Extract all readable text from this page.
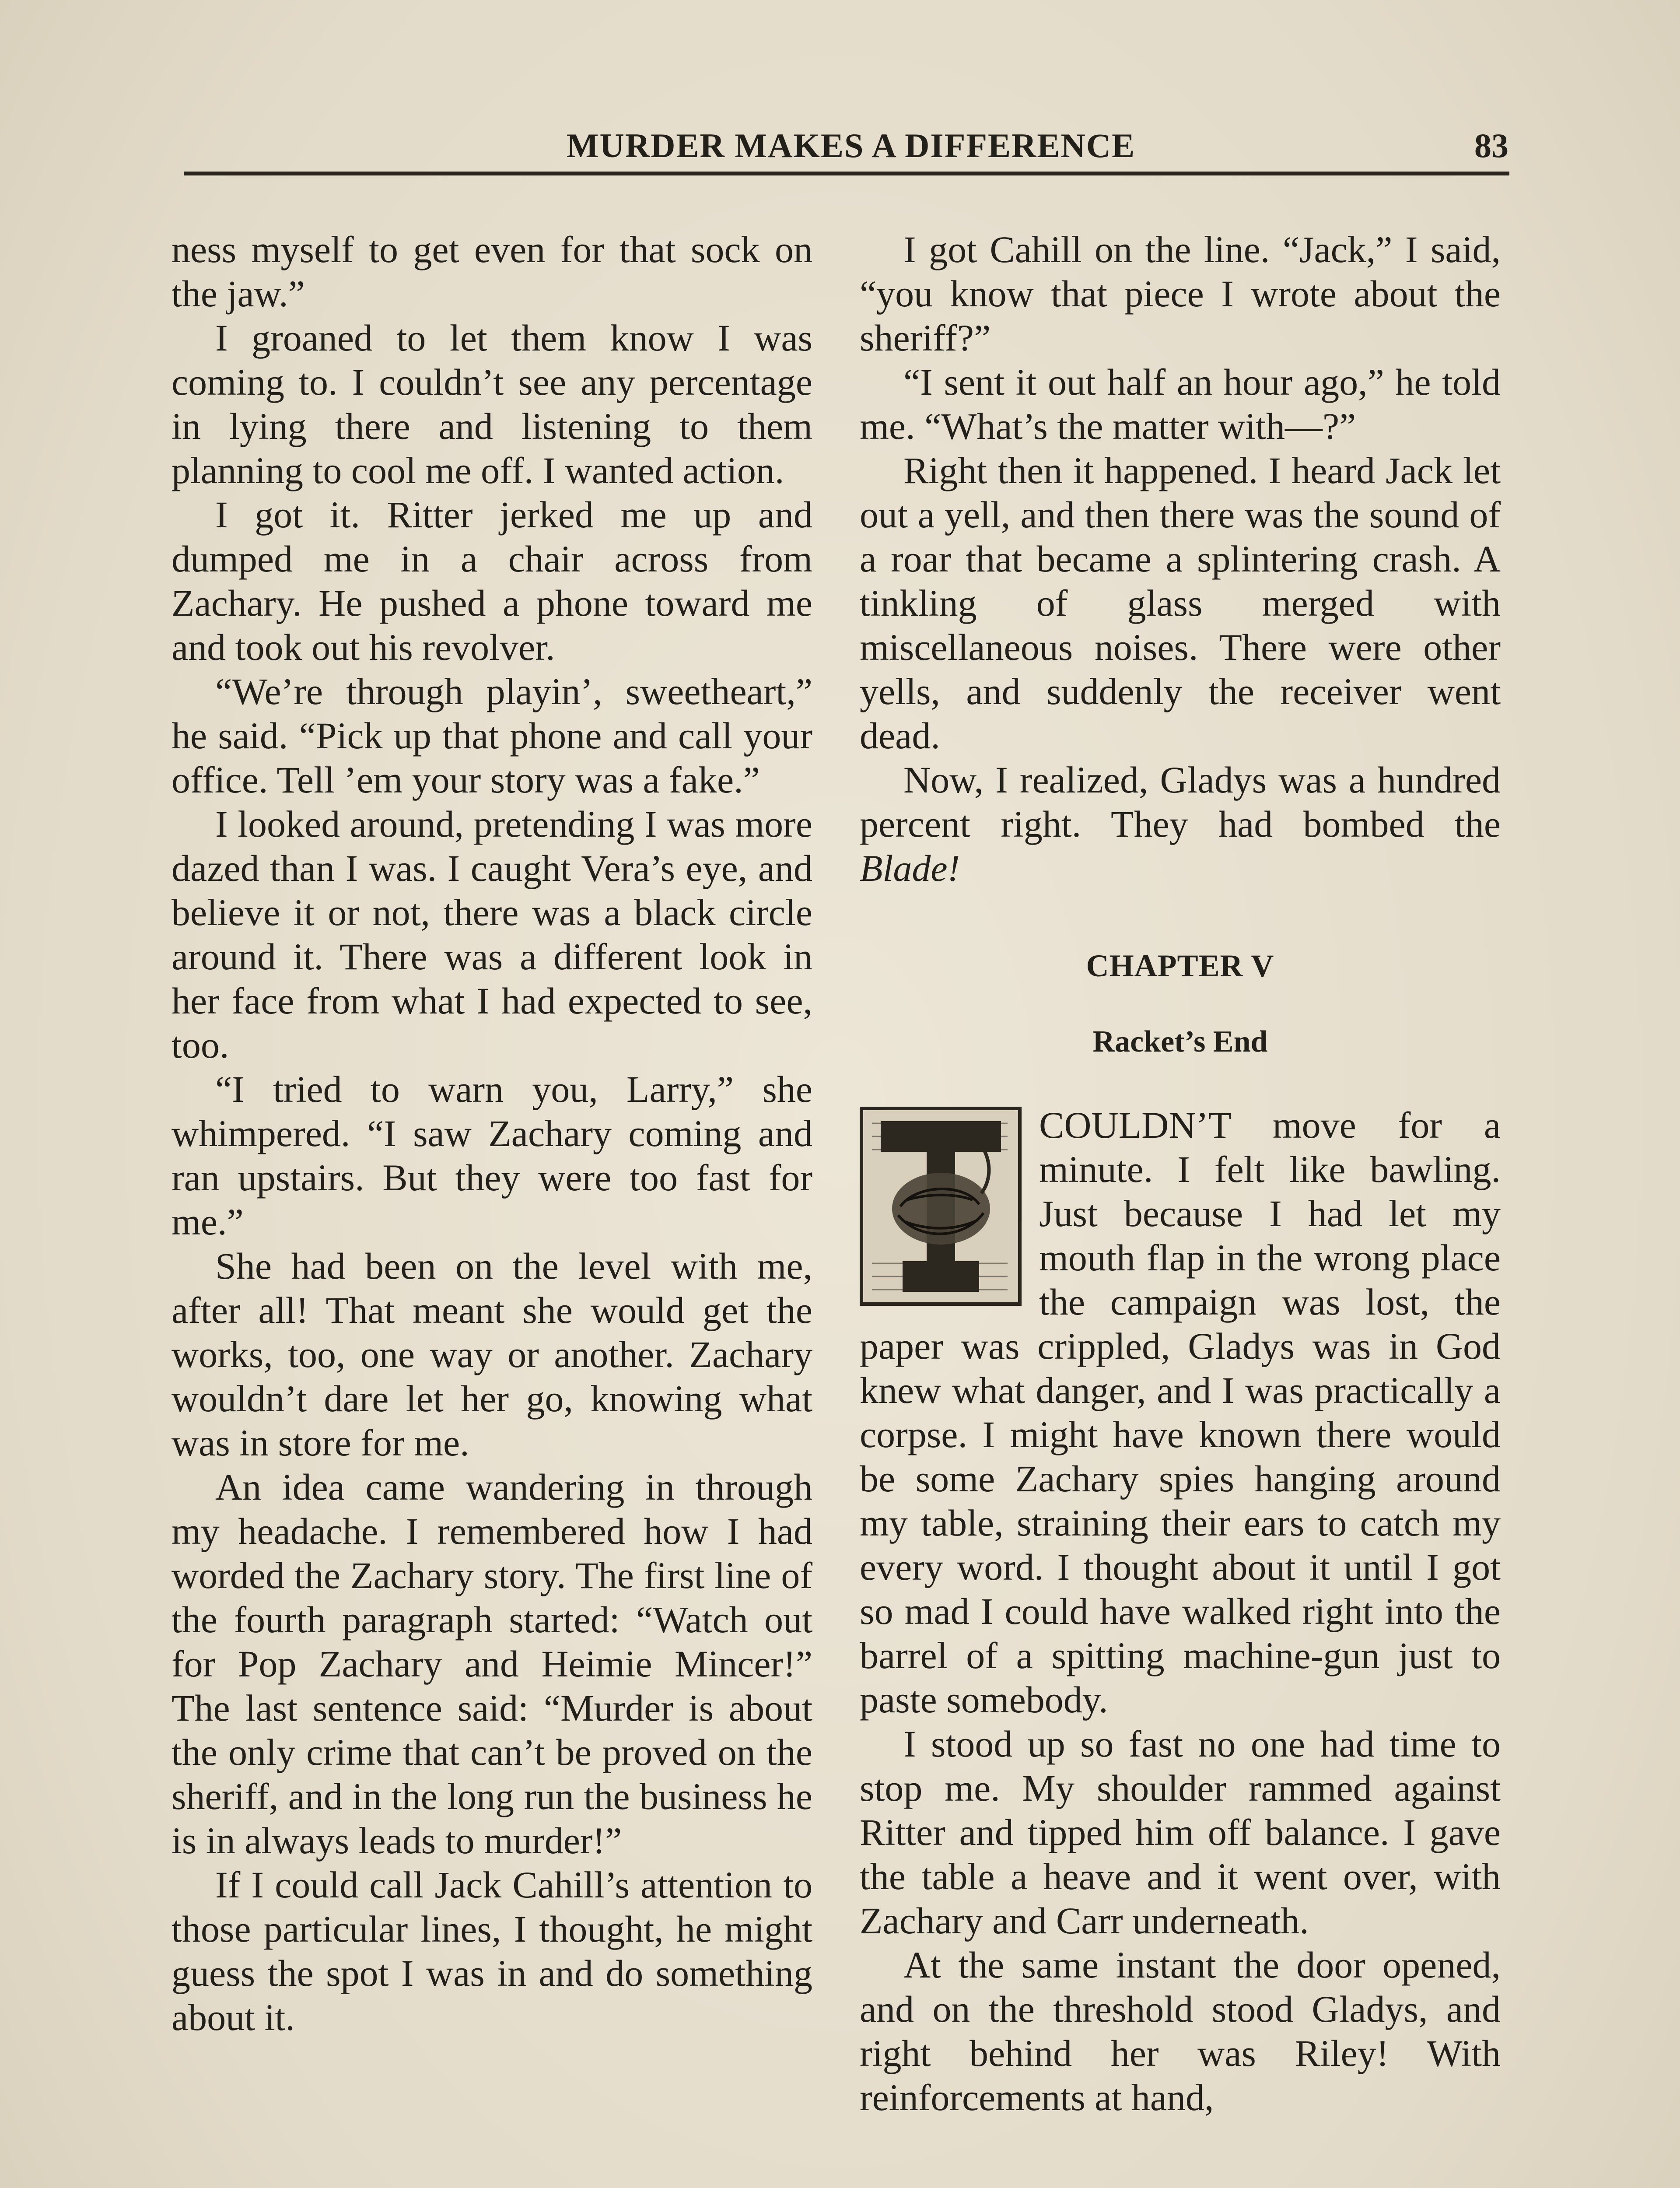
MURDER MAKES A DIFFERENCE	83

ness myself to get even for that sock on the jaw.”

I groaned to let them know I was coming to. I couldn’t see any percentage in lying there and listening to them planning to cool me off. I wanted action.

I got it. Ritter jerked me up and dumped me in a chair across from Zachary. He pushed a phone toward me and took out his revolver.

“We’re through playin’, sweetheart,” he said. “Pick up that phone and call your office. Tell ’em your story was a fake.”

I looked around, pretending I was more dazed than I was. I caught Vera’s eye, and believe it or not, there was a black circle around it. There was a different look in her face from what I had expected to see, too.

“I tried to warn you, Larry,” she whimpered. “I saw Zachary coming and ran upstairs. But they were too fast for me.”

She had been on the level with me, after all! That meant she would get the works, too, one way or another. Zachary wouldn’t dare let her go, knowing what was in store for me.

An idea came wandering in through my headache. I remembered how I had worded the Zachary story. The first line of the fourth paragraph started: “Watch out for Pop Zachary and Heimie Mincer!” The last sentence said: “Murder is about the only crime that can’t be proved on the sheriff, and in the long run the business he is in always leads to murder!”

If I could call Jack Cahill’s attention to those particular lines, I thought, he might guess the spot I was in and do something about it.

I got Cahill on the line. “Jack,” I said, “you know that piece I wrote about the sheriff?”

“I sent it out half an hour ago,” he told me. “What’s the matter with—?”

Right then it happened. I heard Jack let out a yell, and then there was the sound of a roar that became a splintering crash. A tinkling of glass merged with miscellaneous noises. There were other yells, and suddenly the receiver went dead.

Now, I realized, Gladys was a hundred percent right. They had bombed the Blade!

CHAPTER V
Racket’s End

COULDN’T move for a minute. I felt like bawling. Just because I had let my mouth flap in the wrong place the campaign was lost, the paper was crippled, Gladys was in God knew what danger, and I was practically a corpse. I might have known there would be some Zachary spies hanging around my table, straining their ears to catch my every word. I thought about it until I got so mad I could have walked right into the barrel of a spitting machine-gun just to paste somebody.

I stood up so fast no one had time to stop me. My shoulder rammed against Ritter and tipped him off balance. I gave the table a heave and it went over, with Zachary and Carr underneath.

At the same instant the door opened, and on the threshold stood Gladys, and right behind her was Riley! With reinforcements at hand,
